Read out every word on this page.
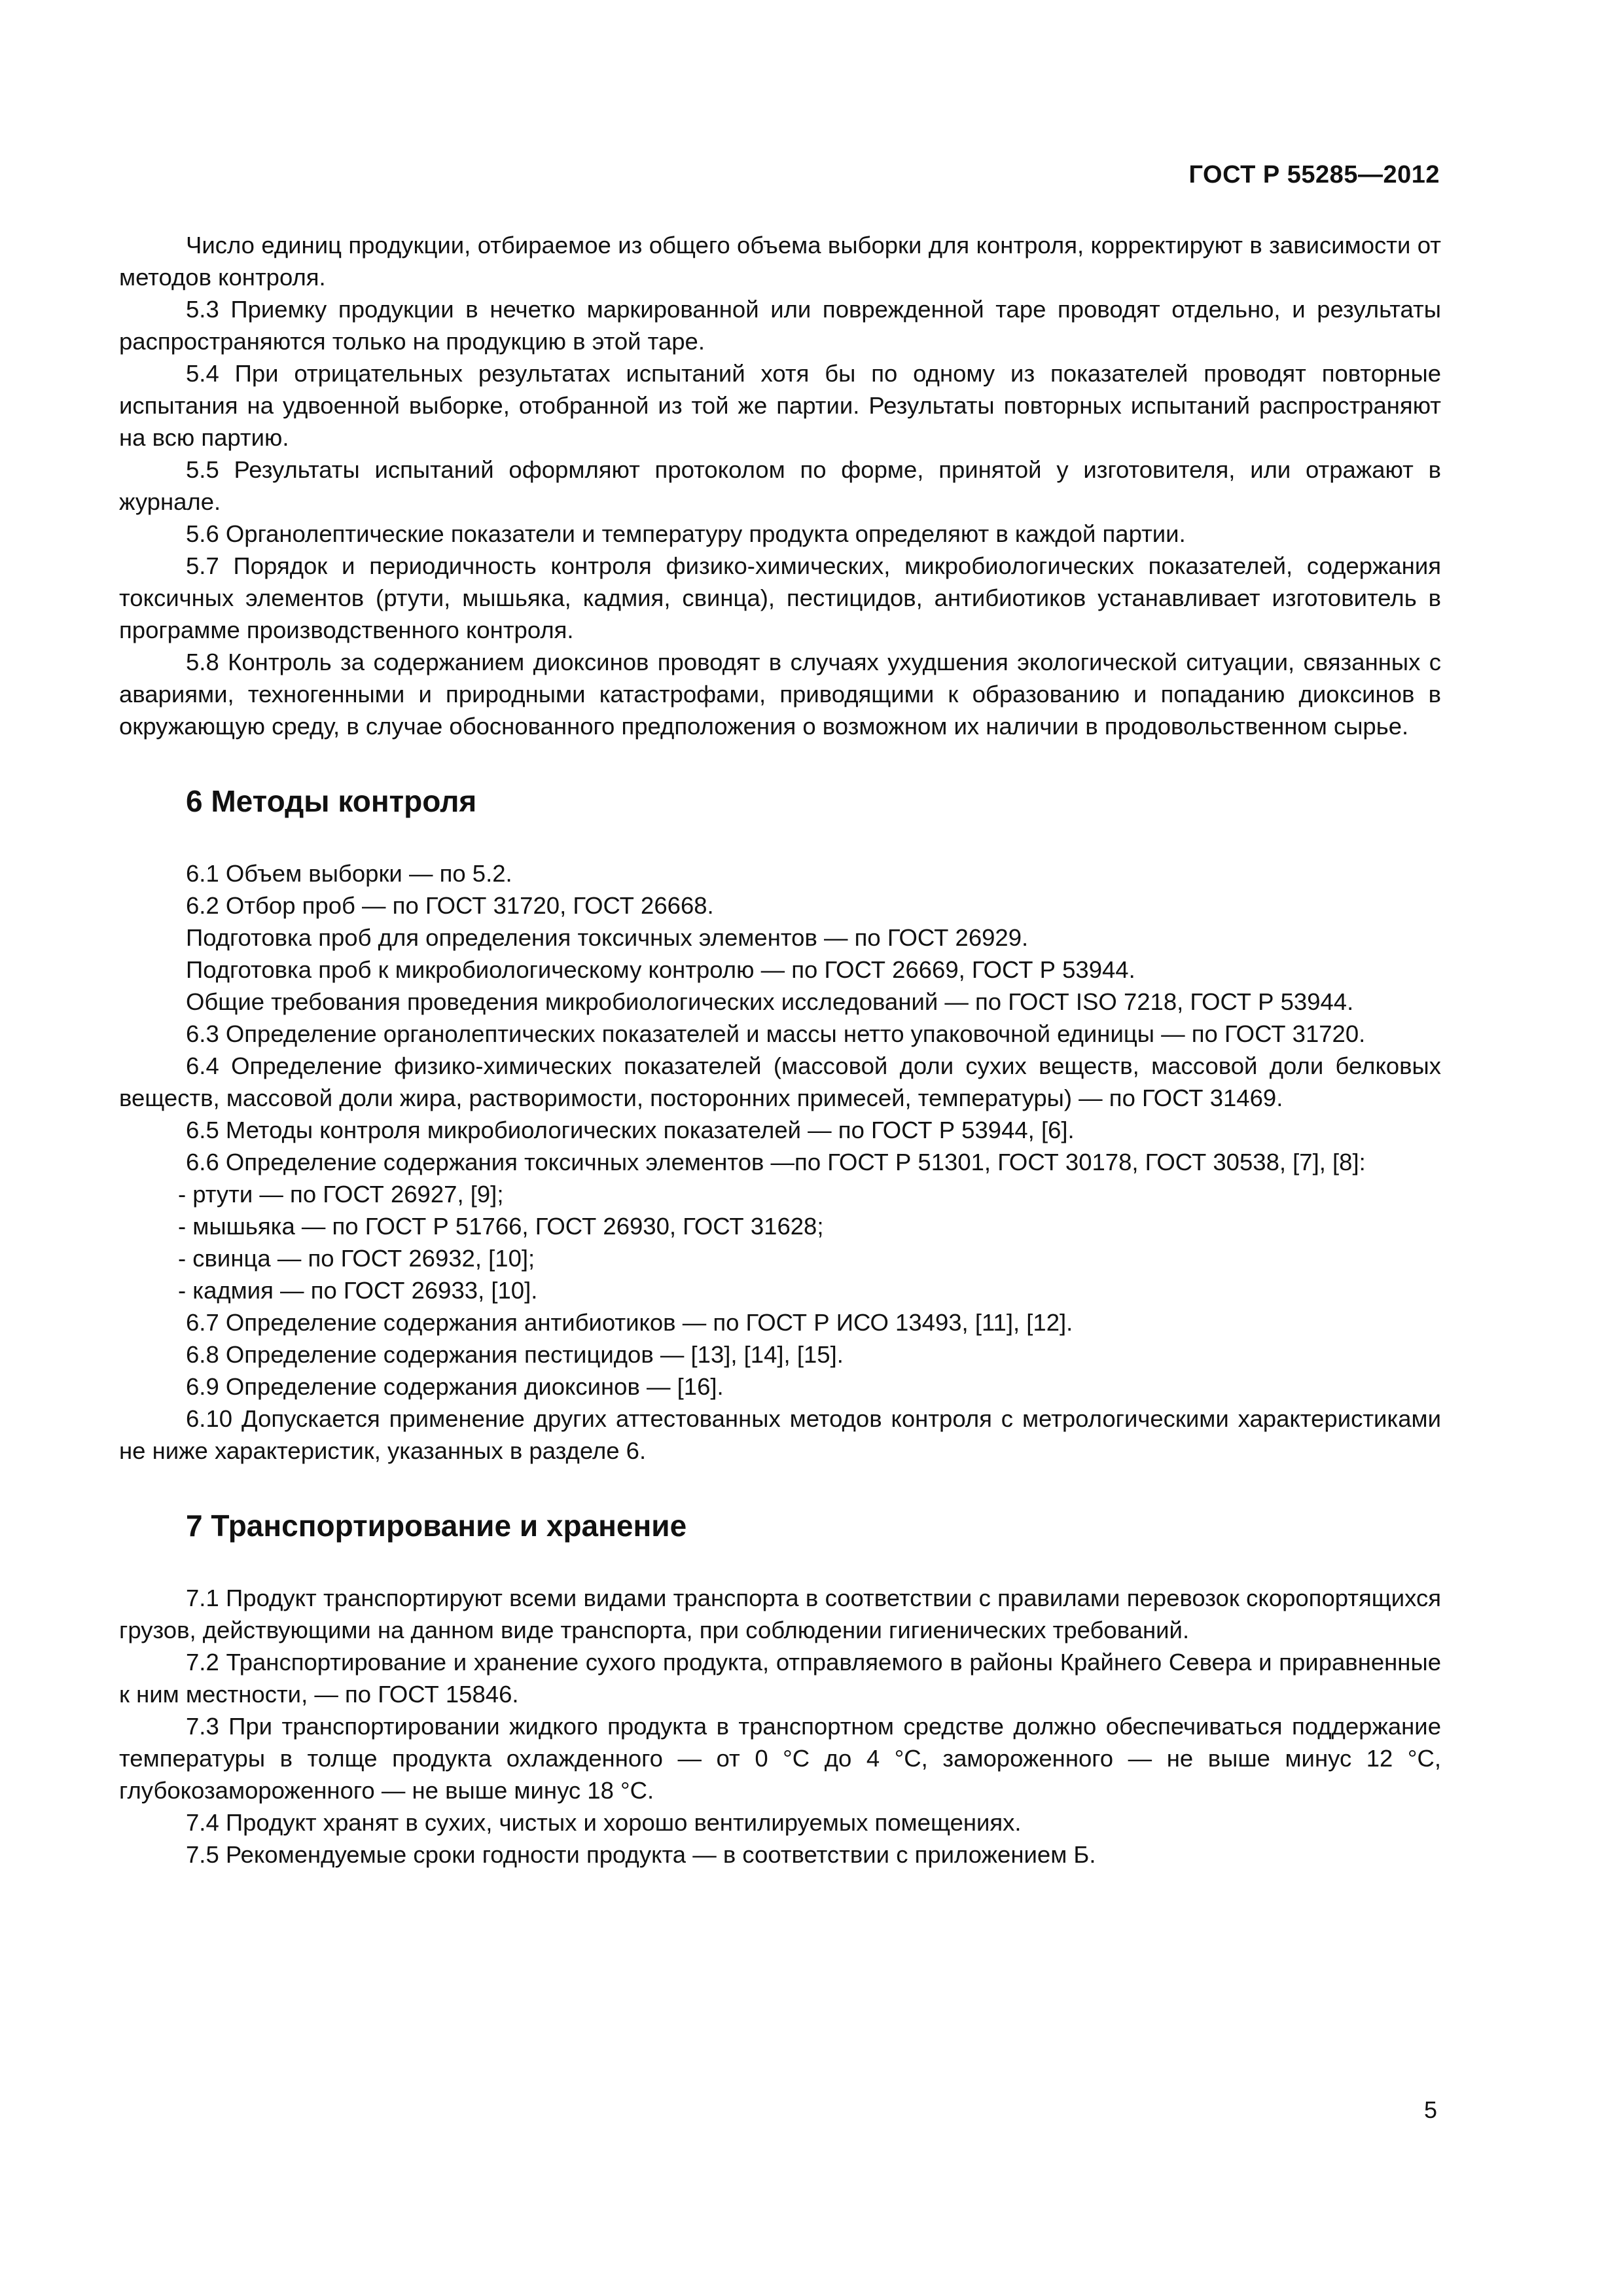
ГОСТ Р 55285—2012

Число единиц продукции, отбираемое из общего объема выборки для контроля, корректируют в зависимости от методов контроля.

5.3 Приемку продукции в нечетко маркированной или поврежденной таре проводят отдельно, и результаты распространяются только на продукцию в этой таре.

5.4 При отрицательных результатах испытаний хотя бы по одному из показателей проводят повторные испытания на удвоенной выборке, отобранной из той же партии. Результаты повторных испытаний распространяют на всю партию.

5.5 Результаты испытаний оформляют протоколом по форме, принятой у изготовителя, или отражают в журнале.

5.6 Органолептические показатели и температуру продукта определяют в каждой партии.

5.7 Порядок и периодичность контроля физико-химических, микробиологических показателей, содержания токсичных элементов (ртути, мышьяка, кадмия, свинца), пестицидов, антибиотиков устанавливает изготовитель в программе производственного контроля.

5.8 Контроль за содержанием диоксинов проводят в случаях ухудшения экологической ситуации, связанных с авариями, техногенными и природными катастрофами, приводящими к образованию и попаданию диоксинов в окружающую среду, в случае обоснованного предположения о возможном их наличии в продовольственном сырье.

6 Методы контроля

6.1 Объем выборки — по 5.2.

6.2 Отбор проб — по ГОСТ 31720, ГОСТ 26668.

Подготовка проб для определения токсичных элементов — по ГОСТ 26929.

Подготовка проб к микробиологическому контролю — по ГОСТ 26669, ГОСТ Р 53944.

Общие требования проведения микробиологических исследований — по ГОСТ ISO 7218, ГОСТ Р 53944.

6.3 Определение органолептических показателей и массы нетто упаковочной единицы — по ГОСТ 31720.

6.4 Определение физико-химических показателей (массовой доли сухих веществ, массовой доли белковых веществ, массовой доли жира, растворимости, посторонних примесей, температуры) — по ГОСТ 31469.

6.5 Методы контроля микробиологических показателей — по ГОСТ Р 53944, [6].

6.6 Определение содержания токсичных элементов —по ГОСТ Р 51301, ГОСТ 30178, ГОСТ 30538, [7], [8]:

- ртути — по ГОСТ 26927, [9];

- мышьяка — по ГОСТ Р 51766, ГОСТ 26930, ГОСТ 31628;

- свинца — по ГОСТ 26932, [10];

- кадмия — по ГОСТ 26933, [10].

6.7 Определение содержания антибиотиков — по ГОСТ Р ИСО 13493, [11], [12].

6.8 Определение содержания пестицидов — [13], [14], [15].

6.9 Определение содержания диоксинов — [16].

6.10 Допускается применение других аттестованных методов контроля с метрологическими характеристиками не ниже характеристик, указанных в разделе 6.

7 Транспортирование и хранение

7.1 Продукт транспортируют всеми видами транспорта в соответствии с правилами перевозок скоропортящихся грузов, действующими на данном виде транспорта, при соблюдении гигиенических требований.

7.2 Транспортирование и хранение сухого продукта, отправляемого в районы Крайнего Севера и приравненные к ним местности, — по ГОСТ 15846.

7.3 При транспортировании жидкого продукта в транспортном средстве должно обеспечиваться поддержание температуры в толще продукта охлажденного — от 0 °С до 4 °С, замороженного — не выше минус 12 °С, глубокозамороженного — не выше минус 18 °С.

7.4 Продукт хранят в сухих, чистых и хорошо вентилируемых помещениях.

7.5 Рекомендуемые сроки годности продукта — в соответствии с приложением Б.

5
